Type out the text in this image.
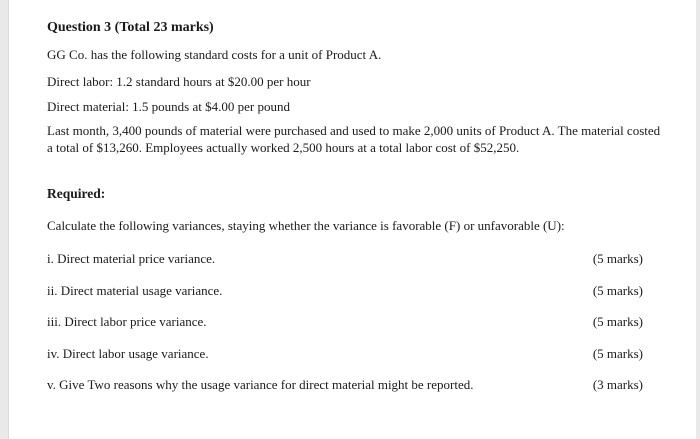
Question 3 (Total 23 marks)

GG Co. has the following standard costs for a unit of Product A.

Direct labor: 1.2 standard hours at $20.00 per hour

Direct material: 1.5 pounds at $4.00 per pound

Last month, 3,400 pounds of material were purchased and used to make 2,000 units of Product A. The material costed a total of $13,260. Employees actually worked 2,500 hours at a total labor cost of $52,250.

Required:

Calculate the following variances, staying whether the variance is favorable (F) or unfavorable (U):

i. Direct material price variance.	(5 marks)
ii. Direct material usage variance.	(5 marks)
iii. Direct labor price variance.	(5 marks)
iv. Direct labor usage variance.	(5 marks)
v. Give Two reasons why the usage variance for direct material might be reported.	(3 marks)
